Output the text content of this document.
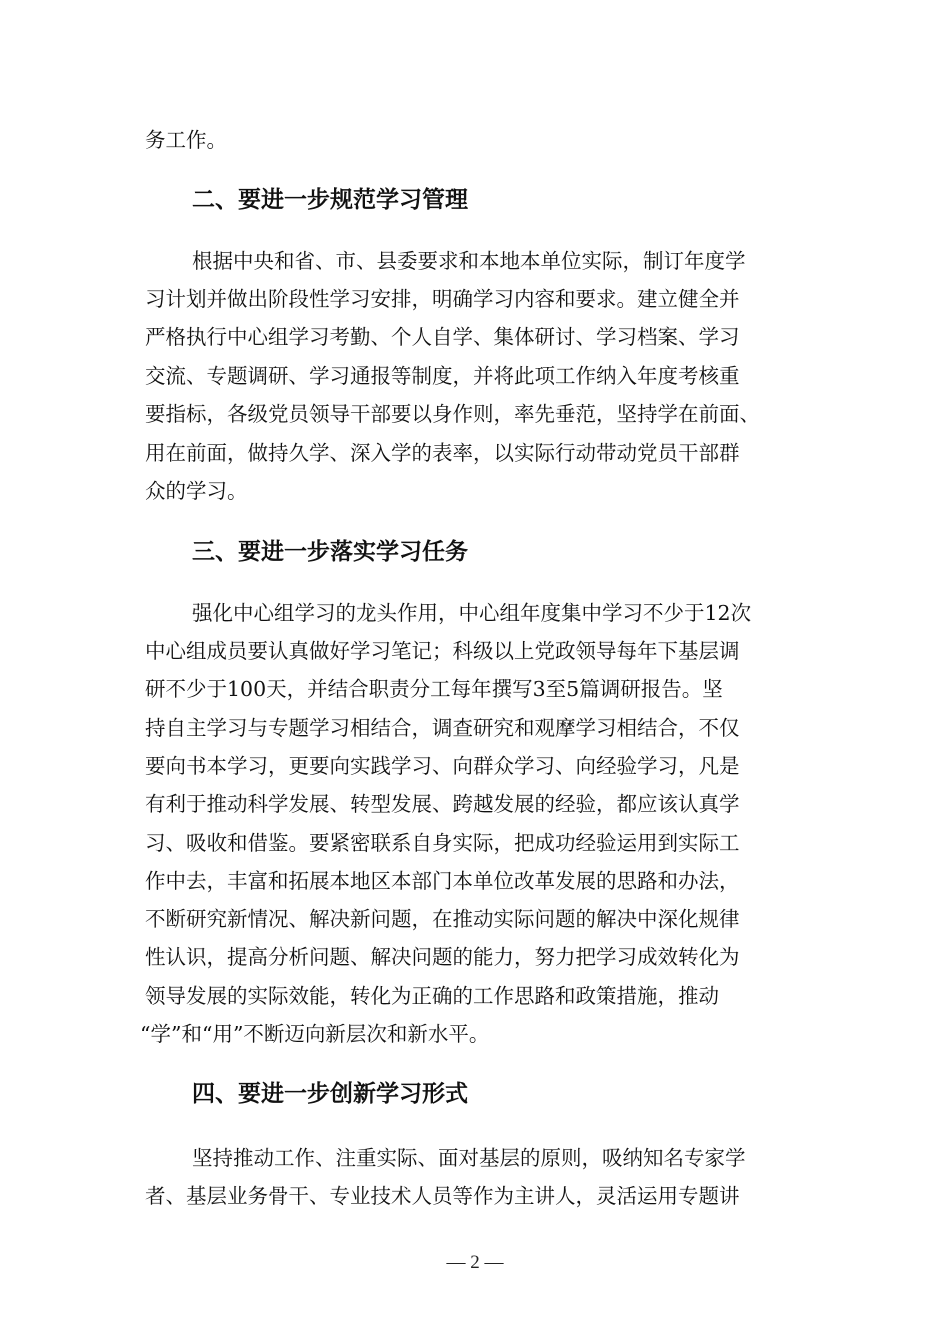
务工作。
二、要进一步规范学习管理
根据中央和省、市、县委要求和本地本单位实际，制订年度学
习计划并做出阶段性学习安排，明确学习内容和要求。建立健全并
严格执行中心组学习考勤、个人自学、集体研讨、学习档案、学习
交流、专题调研、学习通报等制度，并将此项工作纳入年度考核重
要指标，各级党员领导干部要以身作则，率先垂范，坚持学在前面、
用在前面，做持久学、深入学的表率，以实际行动带动党员干部群
众的学习。
三、要进一步落实学习任务
强化中心组学习的龙头作用，中心组年度集中学习不少于12次
中心组成员要认真做好学习笔记；科级以上党政领导每年下基层调
研不少于100天，并结合职责分工每年撰写3至5篇调研报告。坚
持自主学习与专题学习相结合，调查研究和观摩学习相结合，不仅
要向书本学习，更要向实践学习、向群众学习、向经验学习，凡是
有利于推动科学发展、转型发展、跨越发展的经验，都应该认真学
习、吸收和借鉴。要紧密联系自身实际，把成功经验运用到实际工
作中去，丰富和拓展本地区本部门本单位改革发展的思路和办法，
不断研究新情况、解决新问题，在推动实际问题的解决中深化规律
性认识，提高分析问题、解决问题的能力，努力把学习成效转化为
领导发展的实际效能，转化为正确的工作思路和政策措施，推动
“学”和“用”不断迈向新层次和新水平。
四、要进一步创新学习形式
坚持推动工作、注重实际、面对基层的原则，吸纳知名专家学
者、基层业务骨干、专业技术人员等作为主讲人，灵活运用专题讲
— 2 —
